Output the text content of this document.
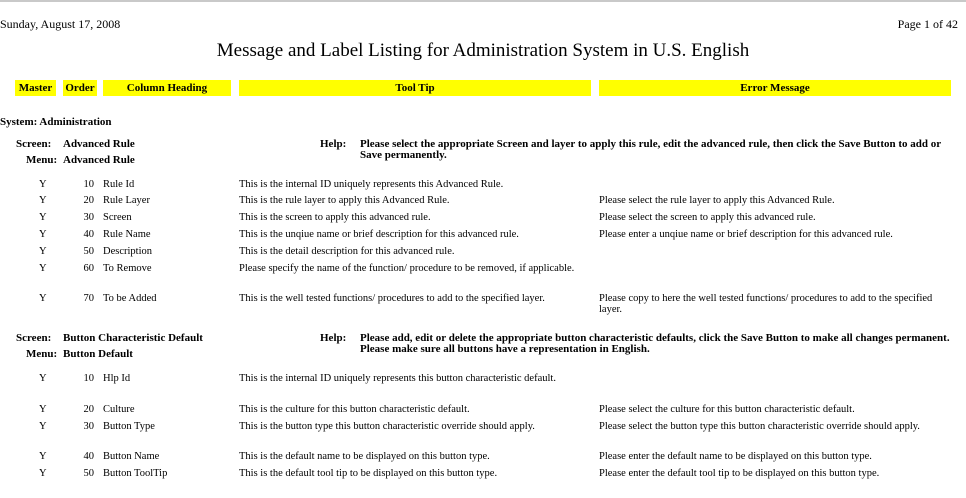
Sunday, August 17, 2008	Page 1 of 42
Message and Label Listing for Administration System in U.S. English
Master	Order	Column Heading	Tool Tip	Error Message
System: Administration
Screen: Advanced Rule
Menu: Advanced Rule
Help: Please select the appropriate Screen and layer to apply this rule, edit the advanced rule, then click the Save Button to add or Save permanently.
Y	10 Rule Id	This is the internal ID uniquely represents this Advanced Rule.
Y	20 Rule Layer	This is the rule layer to apply this Advanced Rule.	Please select the rule layer to apply this Advanced Rule.
Y	30 Screen	This is the screen to apply this advanced rule.	Please select the screen to apply this advanced rule.
Y	40 Rule Name	This is the unqiue name or brief description for this advanced rule.	Please enter a unqiue name or brief description for this advanced rule.
Y	50 Description	This is the detail description for this advanced rule.
Y	60 To Remove	Please specify the name of the function/ procedure to be removed, if applicable.
Y	70 To be Added	This is the well tested functions/ procedures to add to the specified layer.	Please copy to here the well tested functions/ procedures to add to the specified layer.
Screen: Button Characteristic Default
Menu: Button Default
Help: Please add, edit or delete the appropriate button characteristic defaults, click the Save Button to make all changes permanent. Please make sure all buttons have a representation in English.
Y	10 Hlp Id	This is the internal ID uniquely represents this button characteristic default.
Y	20 Culture	This is the culture for this button characteristic default.	Please select the culture for this button characteristic default.
Y	30 Button Type	This is the button type this button characteristic override should apply.	Please select the button type this button characteristic override should apply.
Y	40 Button Name	This is the default name to be displayed on this button type.	Please enter the default name to be displayed on this button type.
Y	50 Button ToolTip	This is the default tool tip to be displayed on this button type.	Please enter the default tool tip to be displayed on this button type.
